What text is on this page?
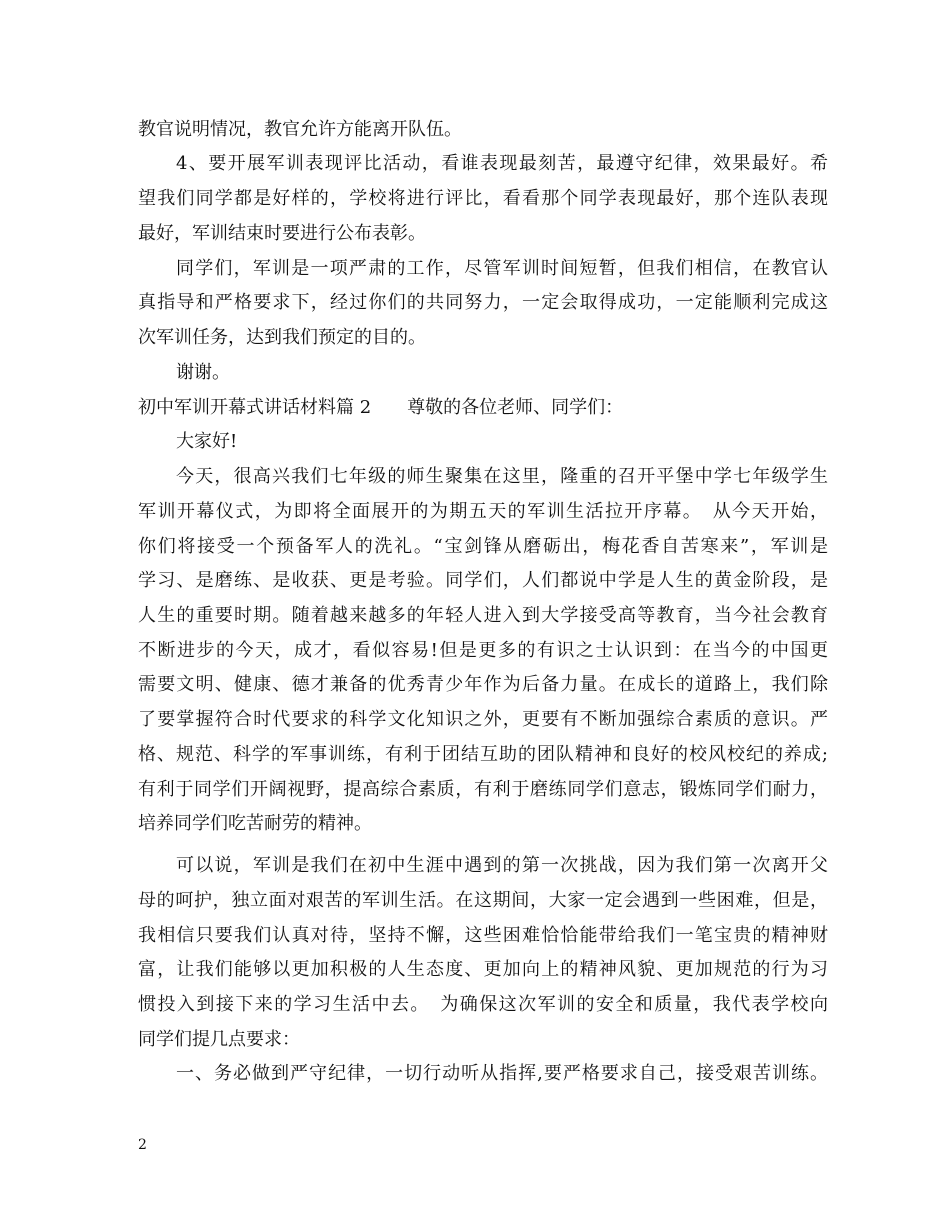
教官说明情况，教官允许方能离开队伍。
4、要开展军训表现评比活动，看谁表现最刻苦，最遵守纪律，效果最好。希
望我们同学都是好样的，学校将进行评比，看看那个同学表现最好，那个连队表现
最好，军训结束时要进行公布表彰。
同学们，军训是一项严肃的工作，尽管军训时间短暂，但我们相信，在教官认
真指导和严格要求下，经过你们的共同努力，一定会取得成功，一定能顺利完成这
次军训任务，达到我们预定的目的。
谢谢。
初中军训开幕式讲话材料篇 2　　尊敬的各位老师、同学们：
大家好!
今天，很高兴我们七年级的师生聚集在这里，隆重的召开平堡中学七年级学生
军训开幕仪式，为即将全面展开的为期五天的军训生活拉开序幕。　从今天开始，
你们将接受一个预备军人的洗礼。“宝剑锋从磨砺出，梅花香自苦寒来”，军训是
学习、是磨练、是收获、更是考验。同学们，人们都说中学是人生的黄金阶段，是
人生的重要时期。随着越来越多的年轻人进入到大学接受高等教育，当今社会教育
不断进步的今天，成才，看似容易!但是更多的有识之士认识到：在当今的中国更
需要文明、健康、德才兼备的优秀青少年作为后备力量。在成长的道路上，我们除
了要掌握符合时代要求的科学文化知识之外，更要有不断加强综合素质的意识。严
格、规范、科学的军事训练，有利于团结互助的团队精神和良好的校风校纪的养成;
有利于同学们开阔视野，提高综合素质，有利于磨练同学们意志，锻炼同学们耐力，
培养同学们吃苦耐劳的精神。
可以说，军训是我们在初中生涯中遇到的第一次挑战，因为我们第一次离开父
母的呵护，独立面对艰苦的军训生活。在这期间，大家一定会遇到一些困难，但是，
我相信只要我们认真对待，坚持不懈，这些困难恰恰能带给我们一笔宝贵的精神财
富，让我们能够以更加积极的人生态度、更加向上的精神风貌、更加规范的行为习
惯投入到接下来的学习生活中去。　为确保这次军训的安全和质量，我代表学校向
同学们提几点要求：
一、务必做到严守纪律，一切行动听从指挥,要严格要求自己，接受艰苦训练。
2
